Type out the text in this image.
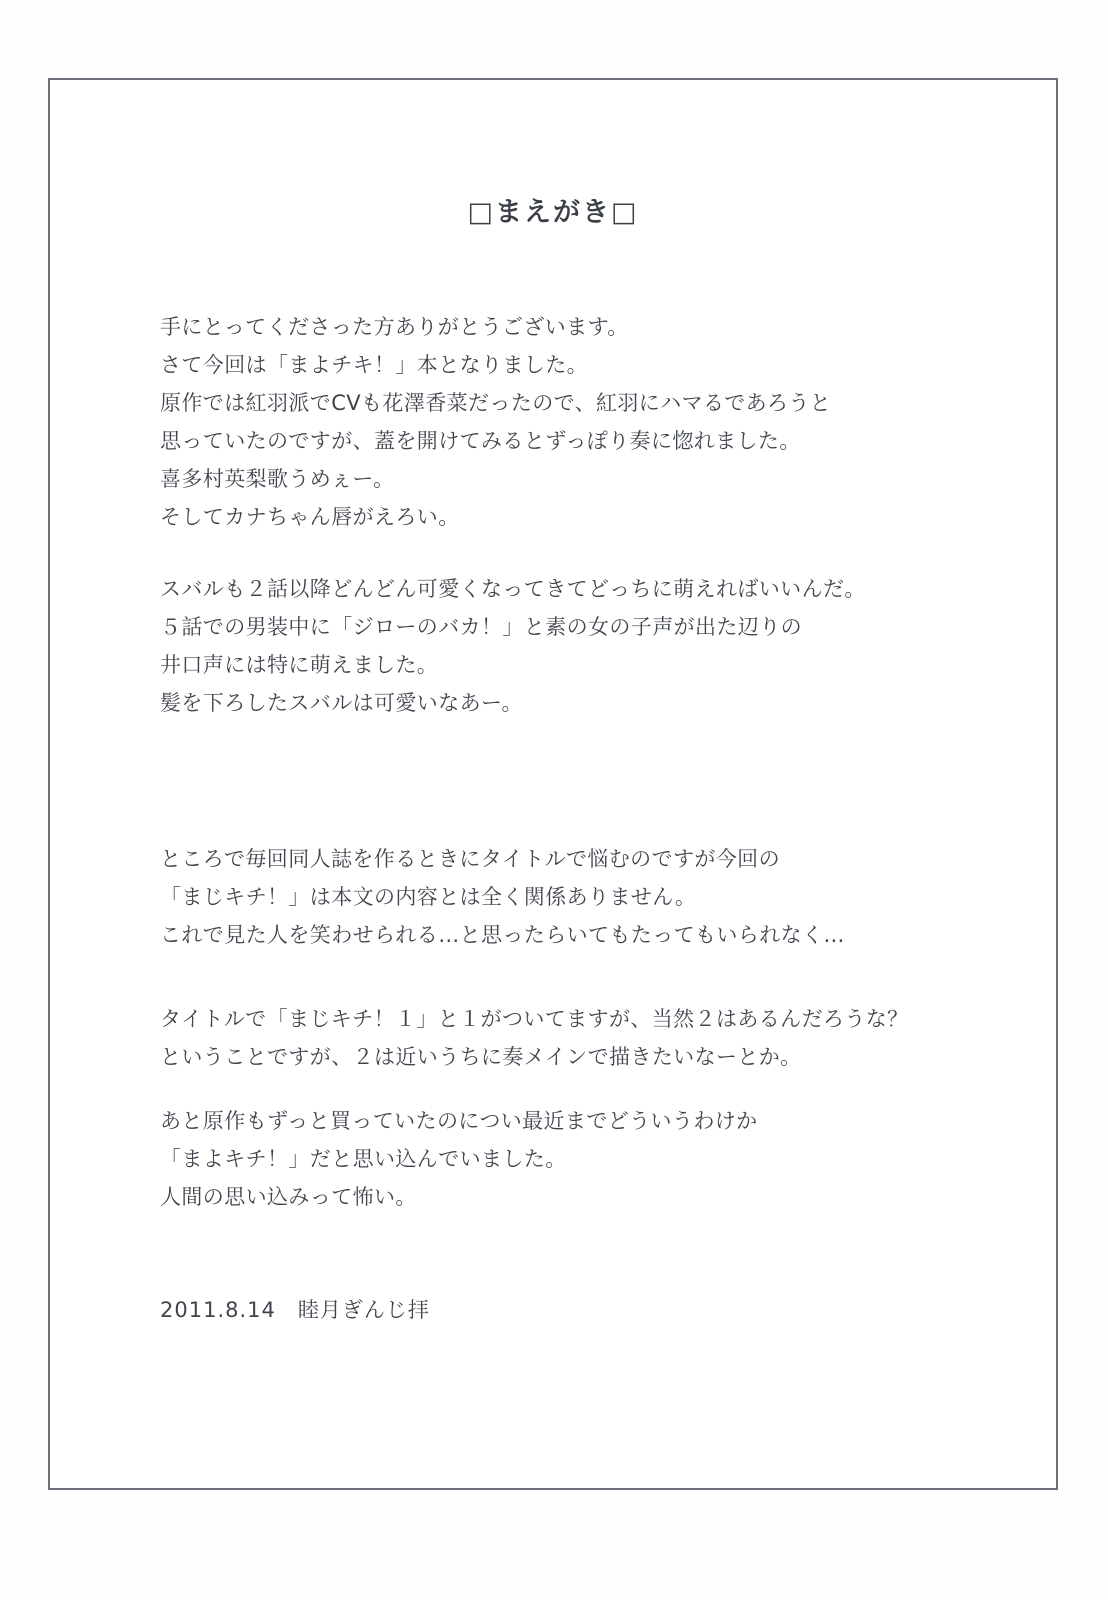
□まえがき□

手にとってくださった方ありがとうございます。

さて今回は「まよチキ！」本となりました。

原作では紅羽派でCVも花澤香菜だったので、紅羽にハマるであろうと

思っていたのですが、蓋を開けてみるとずっぽり奏に惚れました。

喜多村英梨歌うめぇー。

そしてカナちゃん唇がえろい。

スバルも２話以降どんどん可愛くなってきてどっちに萌えればいいんだ。

５話での男装中に「ジローのバカ！」と素の女の子声が出た辺りの

井口声には特に萌えました。

髪を下ろしたスバルは可愛いなあー。

ところで毎回同人誌を作るときにタイトルで悩むのですが今回の

「まじキチ！」は本文の内容とは全く関係ありません。

これで見た人を笑わせられる…と思ったらいてもたってもいられなく…

タイトルで「まじキチ！１」と１がついてますが、当然２はあるんだろうな？

ということですが、２は近いうちに奏メインで描きたいなーとか。

あと原作もずっと買っていたのについ最近までどういうわけか

「まよキチ！」だと思い込んでいました。

人間の思い込みって怖い。

2011.8.14　睦月ぎんじ拝
